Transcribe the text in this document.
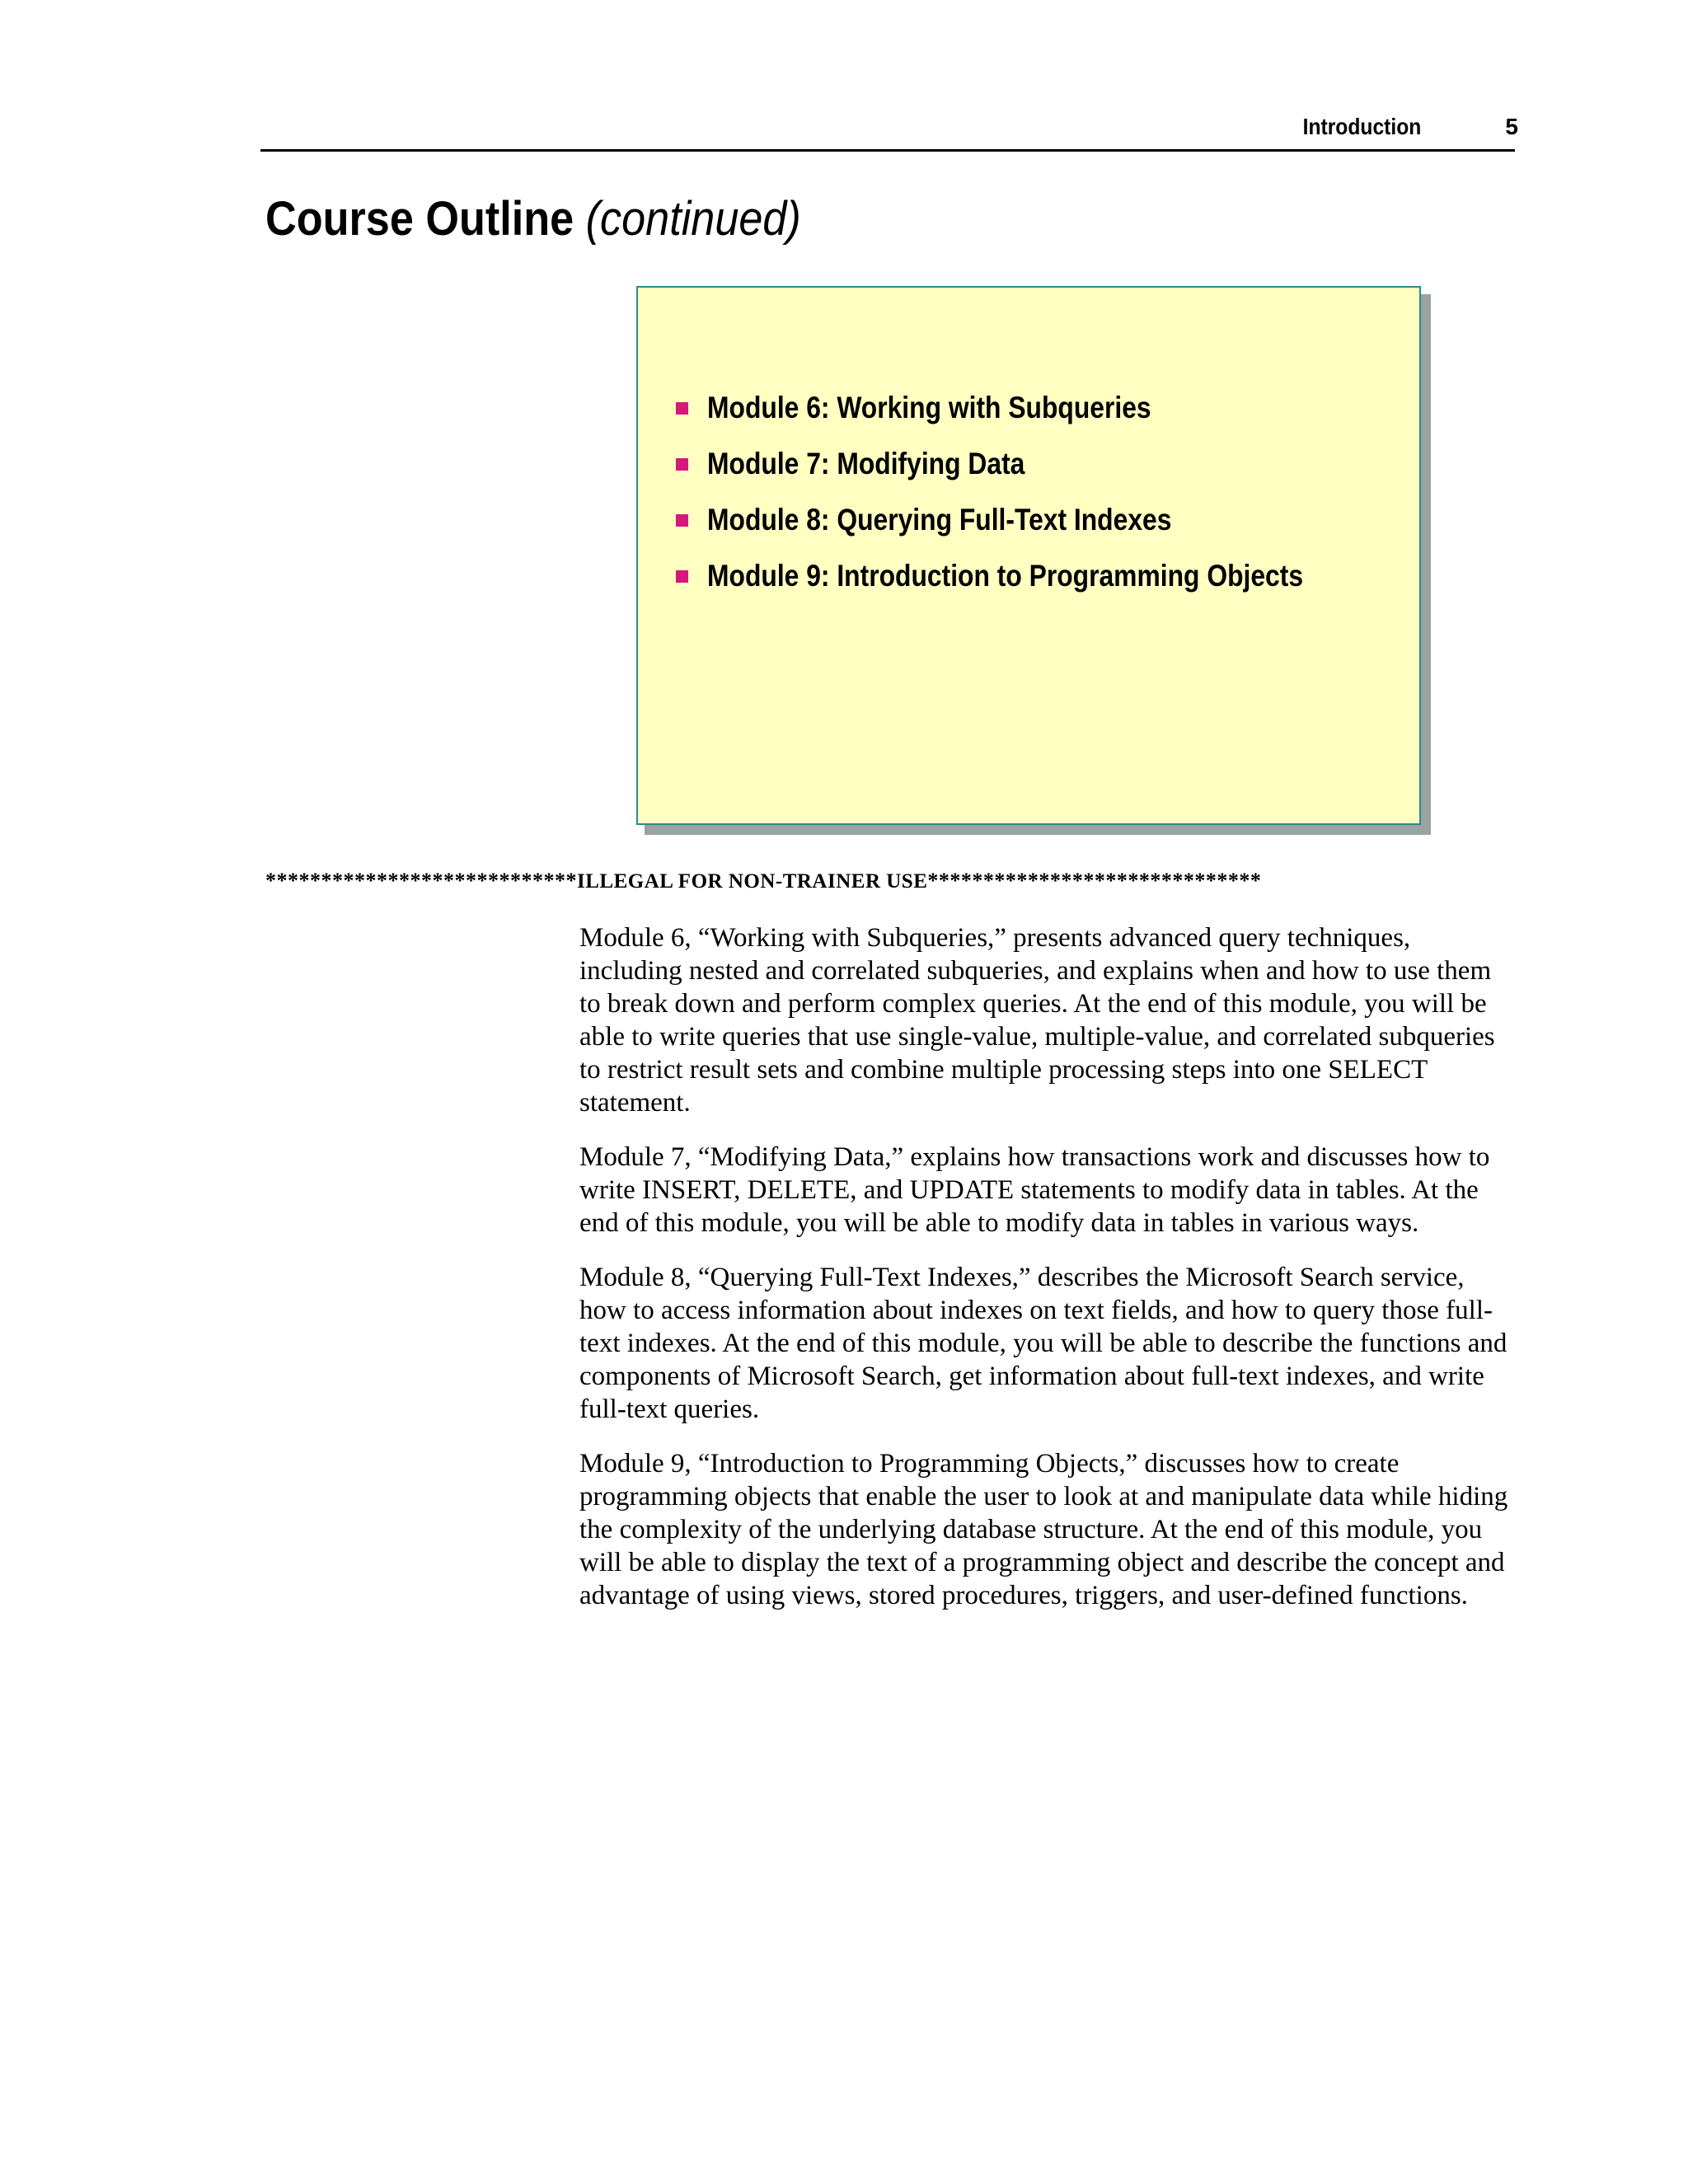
Introduction	5
Course Outline (continued)
Module 6: Working with Subqueries
Module 7: Modifying Data
Module 8: Querying Full-Text Indexes
Module 9: Introduction to Programming Objects
****************************ILLEGAL FOR NON-TRAINER USE******************************

Module 6, “Working with Subqueries,” presents advanced query techniques, including nested and correlated subqueries, and explains when and how to use them to break down and perform complex queries. At the end of this module, you will be able to write queries that use single-value, multiple-value, and correlated subqueries to restrict result sets and combine multiple processing steps into one SELECT statement.

Module 7, “Modifying Data,” explains how transactions work and discusses how to write INSERT, DELETE, and UPDATE statements to modify data in tables. At the end of this module, you will be able to modify data in tables in various ways.

Module 8, “Querying Full-Text Indexes,” describes the Microsoft Search service, how to access information about indexes on text fields, and how to query those full-text indexes. At the end of this module, you will be able to describe the functions and components of Microsoft Search, get information about full-text indexes, and write full-text queries.

Module 9, “Introduction to Programming Objects,” discusses how to create programming objects that enable the user to look at and manipulate data while hiding the complexity of the underlying database structure. At the end of this module, you will be able to display the text of a programming object and describe the concept and advantage of using views, stored procedures, triggers, and user-defined functions.
